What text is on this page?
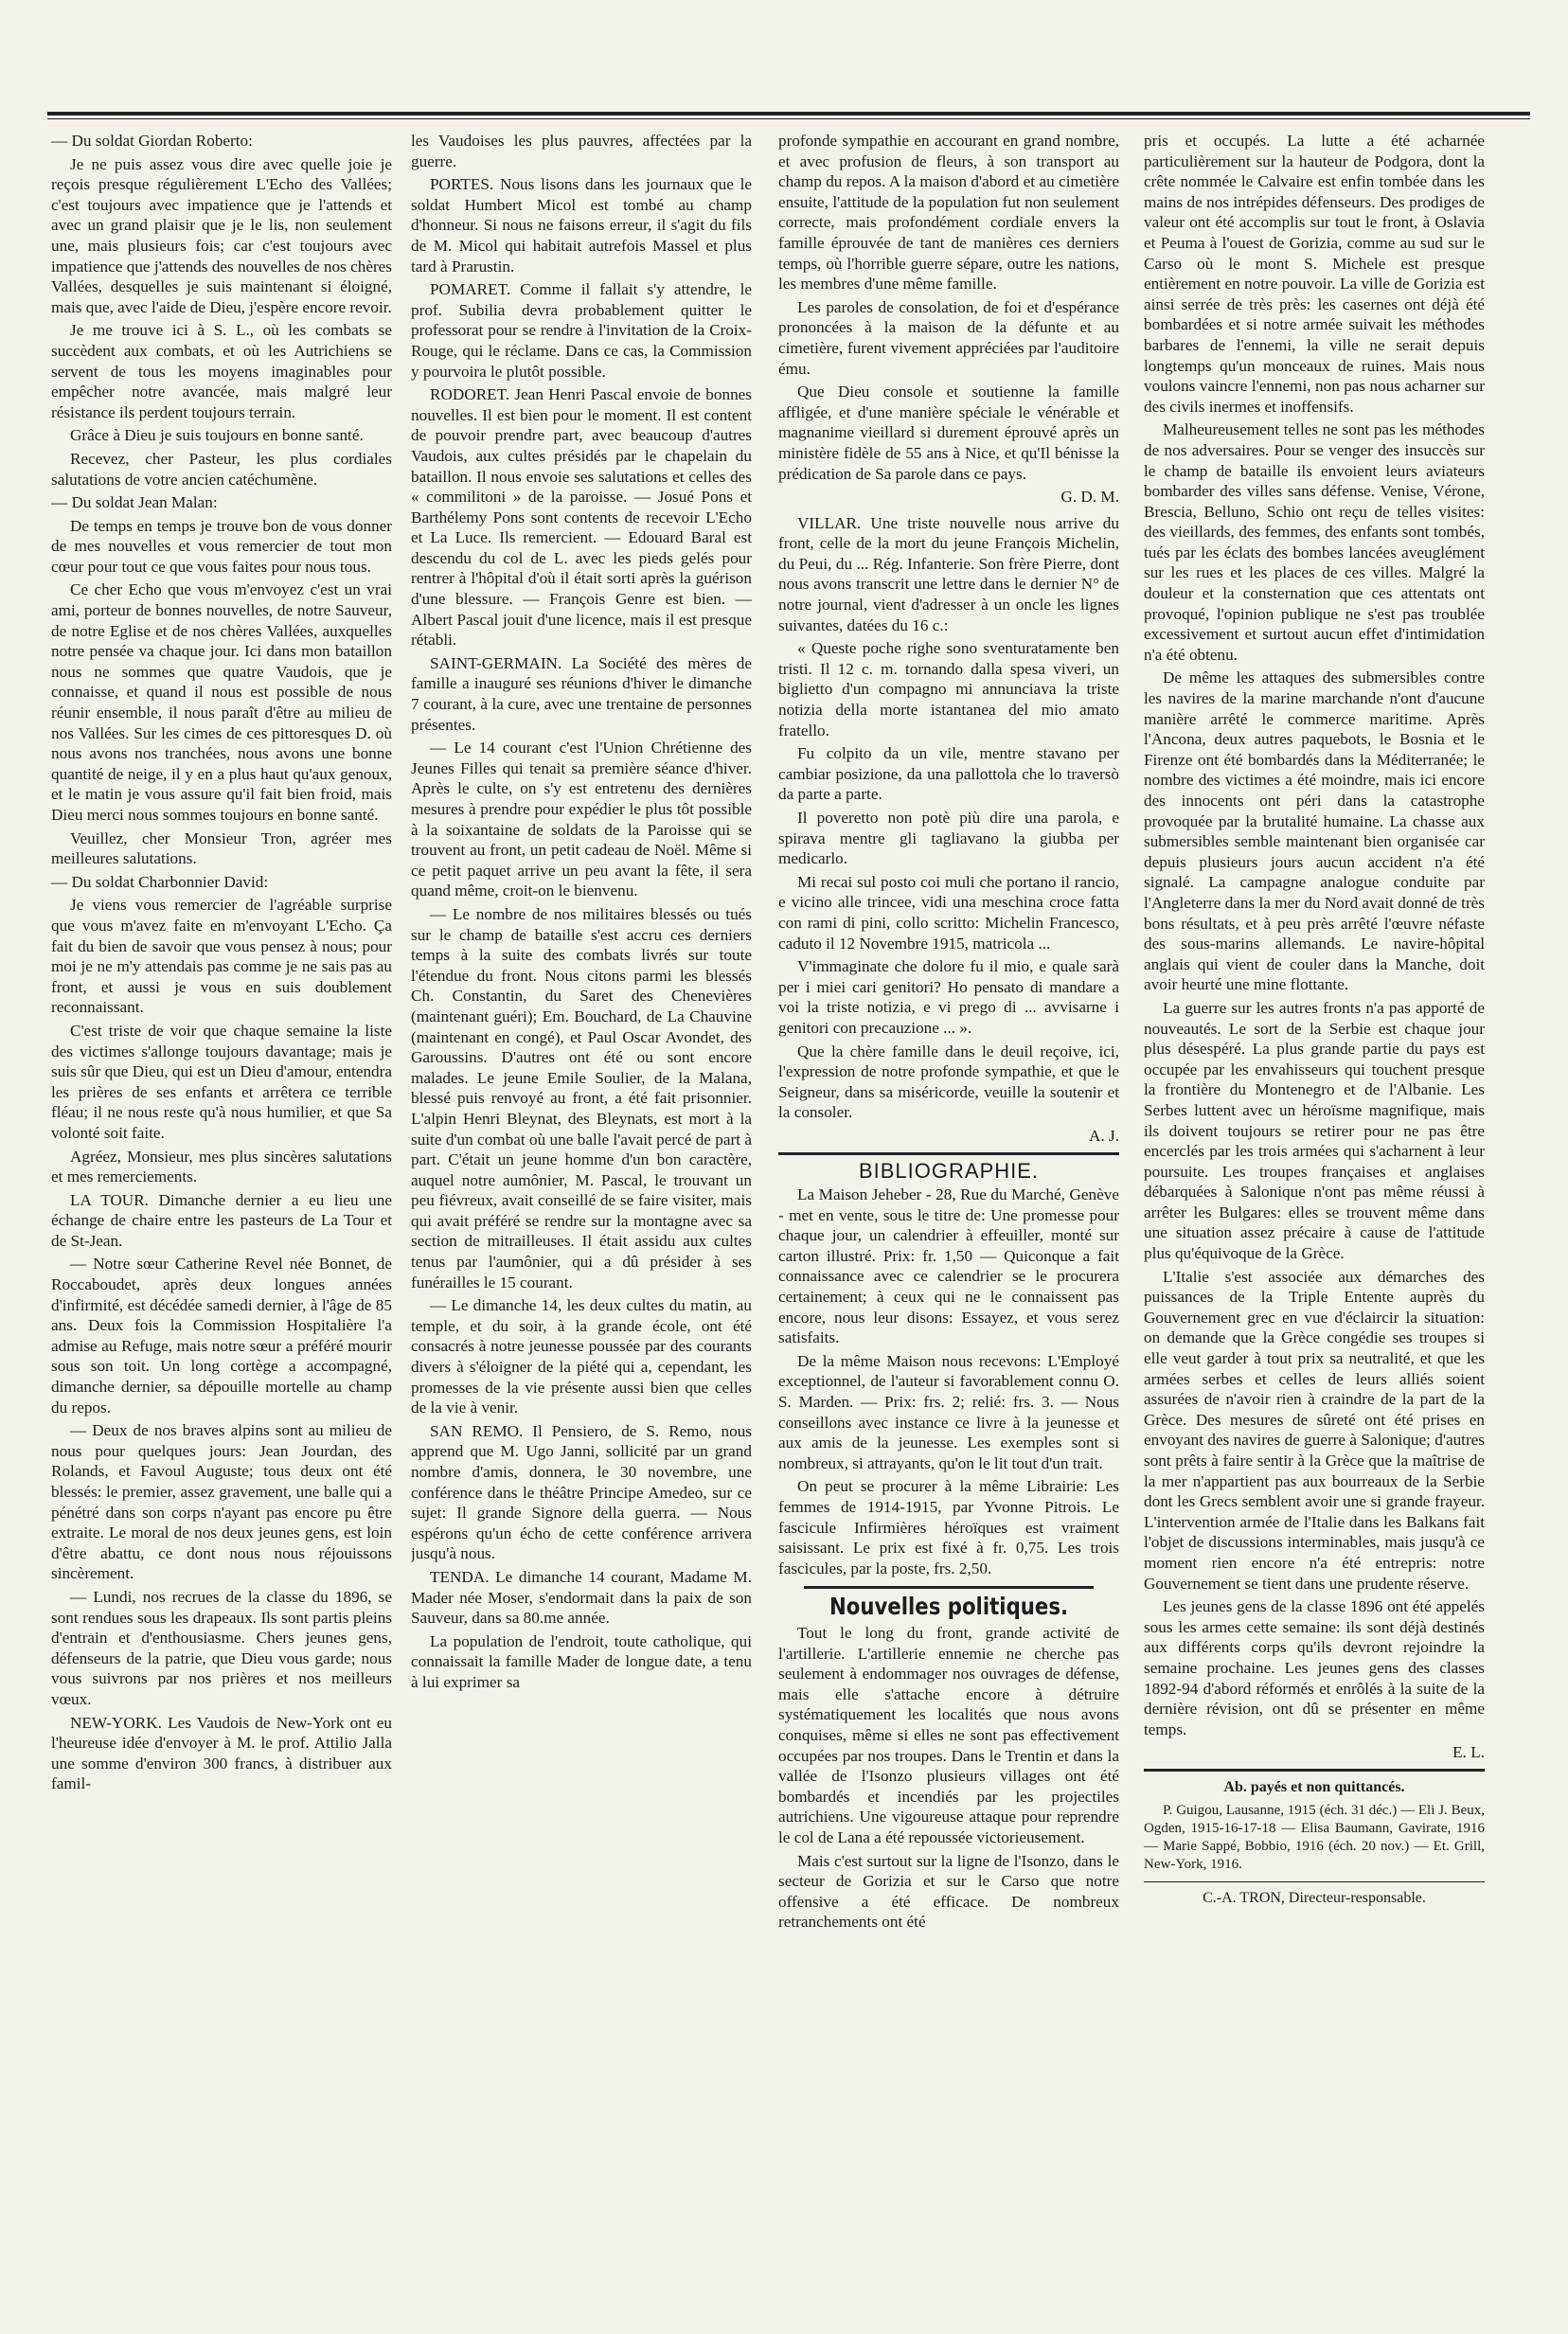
— Du soldat Giordan Roberto:

Je ne puis assez vous dire avec quelle joie je reçois presque régulièrement L'Echo des Vallées; c'est toujours avec impatience que je l'attends et avec un grand plaisir que je le lis, non seulement une, mais plusieurs fois; car c'est toujours avec impatience que j'attends des nouvelles de nos chères Vallées, desquelles je suis maintenant si éloigné, mais que, avec l'aide de Dieu, j'espère encore revoir.

Je me trouve ici à S. L., où les combats se succèdent aux combats, et où les Autrichiens se servent de tous les moyens imaginables pour empêcher notre avancée, mais malgré leur résistance ils perdent toujours terrain.

Grâce à Dieu je suis toujours en bonne santé.

Recevez, cher Pasteur, les plus cordiales salutations de votre ancien catéchumène.

— Du soldat Jean Malan:

De temps en temps je trouve bon de vous donner de mes nouvelles et vous remercier de tout mon cœur pour tout ce que vous faites pour nous tous.

Ce cher Echo que vous m'envoyez c'est un vrai ami, porteur de bonnes nouvelles, de notre Sauveur, de notre Eglise et de nos chères Vallées, auxquelles notre pensée va chaque jour. Ici dans mon bataillon nous ne sommes que quatre Vaudois, que je connaisse, et quand il nous est possible de nous réunir ensemble, il nous paraît d'être au milieu de nos Vallées. Sur les cimes de ces pittoresques D. où nous avons nos tranchées, nous avons une bonne quantité de neige, il y en a plus haut qu'aux genoux, et le matin je vous assure qu'il fait bien froid, mais Dieu merci nous sommes toujours en bonne santé.

Veuillez, cher Monsieur Tron, agréer mes meilleures salutations.

— Du soldat Charbonnier David:

Je viens vous remercier de l'agréable surprise que vous m'avez faite en m'envoyant L'Echo. Ça fait du bien de savoir que vous pensez à nous; pour moi je ne m'y attendais pas comme je ne sais pas au front, et aussi je vous en suis doublement reconnaissant.

C'est triste de voir que chaque semaine la liste des victimes s'allonge toujours davantage; mais je suis sûr que Dieu, qui est un Dieu d'amour, entendra les prières de ses enfants et arrêtera ce terrible fléau; il ne nous reste qu'à nous humilier, et que Sa volonté soit faite.

Agréez, Monsieur, mes plus sincères salutations et mes remerciements.

LA TOUR. Dimanche dernier a eu lieu une échange de chaire entre les pasteurs de La Tour et de St-Jean.

— Notre sœur Catherine Revel née Bonnet, de Roccaboudet, après deux longues années d'infirmité, est décédée samedi dernier, à l'âge de 85 ans. Deux fois la Commission Hospitalière l'a admise au Refuge, mais notre sœur a préféré mourir sous son toit. Un long cortège a accompagné, dimanche dernier, sa dépouille mortelle au champ du repos.

— Deux de nos braves alpins sont au milieu de nous pour quelques jours: Jean Jourdan, des Rolands, et Favoul Auguste; tous deux ont été blessés: le premier, assez gravement, une balle qui a pénétré dans son corps n'ayant pas encore pu être extraite. Le moral de nos deux jeunes gens, est loin d'être abattu, ce dont nous nous réjouissons sincèrement.

— Lundi, nos recrues de la classe du 1896, se sont rendues sous les drapeaux. Ils sont partis pleins d'entrain et d'enthousiasme. Chers jeunes gens, défenseurs de la patrie, que Dieu vous garde; nous vous suivrons par nos prières et nos meilleurs vœux.

NEW-YORK. Les Vaudois de New-York ont eu l'heureuse idée d'envoyer à M. le prof. Attilio Jalla une somme d'environ 300 francs, à distribuer aux famil-

les Vaudoises les plus pauvres, affectées par la guerre.

PORTES. Nous lisons dans les journaux que le soldat Humbert Micol est tombé au champ d'honneur. Si nous ne faisons erreur, il s'agit du fils de M. Micol qui habitait autrefois Massel et plus tard à Prarustin.

POMARET. Comme il fallait s'y attendre, le prof. Subilia devra probablement quitter le professorat pour se rendre à l'invitation de la Croix-Rouge, qui le réclame. Dans ce cas, la Commission y pourvoira le plutôt possible.

RODORET. Jean Henri Pascal envoie de bonnes nouvelles. Il est bien pour le moment. Il est content de pouvoir prendre part, avec beaucoup d'autres Vaudois, aux cultes présidés par le chapelain du bataillon. Il nous envoie ses salutations et celles des « commilitoni » de la paroisse. — Josué Pons et Barthélemy Pons sont contents de recevoir L'Echo et La Luce. Ils remercient. — Edouard Baral est descendu du col de L. avec les pieds gelés pour rentrer à l'hôpital d'où il était sorti après la guérison d'une blessure. — François Genre est bien. — Albert Pascal jouit d'une licence, mais il est presque rétabli.

SAINT-GERMAIN. La Société des mères de famille a inauguré ses réunions d'hiver le dimanche 7 courant, à la cure, avec une trentaine de personnes présentes.

— Le 14 courant c'est l'Union Chrétienne des Jeunes Filles qui tenait sa première séance d'hiver. Après le culte, on s'y est entretenu des dernières mesures à prendre pour expédier le plus tôt possible à la soixantaine de soldats de la Paroisse qui se trouvent au front, un petit cadeau de Noël. Même si ce petit paquet arrive un peu avant la fête, il sera quand même, croit-on le bienvenu.

— Le nombre de nos militaires blessés ou tués sur le champ de bataille s'est accru ces derniers temps à la suite des combats livrés sur toute l'étendue du front. Nous citons parmi les blessés Ch. Constantin, du Saret des Chenevières (maintenant guéri); Em. Bouchard, de La Chauvine (maintenant en congé), et Paul Oscar Avondet, des Garoussins. D'autres ont été ou sont encore malades. Le jeune Emile Soulier, de la Malana, blessé puis renvoyé au front, a été fait prisonnier. L'alpin Henri Bleynat, des Bleynats, est mort à la suite d'un combat où une balle l'avait percé de part à part. C'était un jeune homme d'un bon caractère, auquel notre aumônier, M. Pascal, le trouvant un peu fiévreux, avait conseillé de se faire visiter, mais qui avait préféré se rendre sur la montagne avec sa section de mitrailleuses. Il était assidu aux cultes tenus par l'aumônier, qui a dû présider à ses funérailles le 15 courant.

— Le dimanche 14, les deux cultes du matin, au temple, et du soir, à la grande école, ont été consacrés à notre jeunesse poussée par des courants divers à s'éloigner de la piété qui a, cependant, les promesses de la vie présente aussi bien que celles de la vie à venir.

SAN REMO. Il Pensiero, de S. Remo, nous apprend que M. Ugo Janni, sollicité par un grand nombre d'amis, donnera, le 30 novembre, une conférence dans le théâtre Principe Amedeo, sur ce sujet: Il grande Signore della guerra. — Nous espérons qu'un écho de cette conférence arrivera jusqu'à nous.

TENDA. Le dimanche 14 courant, Madame M. Mader née Moser, s'endormait dans la paix de son Sauveur, dans sa 80.me année.

La population de l'endroit, toute catholique, qui connaissait la famille Mader de longue date, a tenu à lui exprimer sa

profonde sympathie en accourant en grand nombre, et avec profusion de fleurs, à son transport au champ du repos. A la maison d'abord et au cimetière ensuite, l'attitude de la population fut non seulement correcte, mais profondément cordiale envers la famille éprouvée de tant de manières ces derniers temps, où l'horrible guerre sépare, outre les nations, les membres d'une même famille.

Les paroles de consolation, de foi et d'espérance prononcées à la maison de la défunte et au cimetière, furent vivement appréciées par l'auditoire ému.

Que Dieu console et soutienne la famille affligée, et d'une manière spéciale le vénérable et magnanime vieillard si durement éprouvé après un ministère fidèle de 55 ans à Nice, et qu'Il bénisse la prédication de Sa parole dans ce pays.

G. D. M.

VILLAR. Une triste nouvelle nous arrive du front, celle de la mort du jeune François Michelin, du Peui, du ... Rég. Infanterie. Son frère Pierre, dont nous avons transcrit une lettre dans le dernier N° de notre journal, vient d'adresser à un oncle les lignes suivantes, datées du 16 c.:

« Queste poche righe sono sventuratamente ben tristi. Il 12 c. m. tornando dalla spesa viveri, un biglietto d'un compagno mi annunciava la triste notizia della morte istantanea del mio amato fratello.

Fu colpito da un vile, mentre stavano per cambiar posizione, da una pallottola che lo traversò da parte a parte.

Il poveretto non potè più dire una parola, e spirava mentre gli tagliavano la giubba per medicarlo.

Mi recai sul posto coi muli che portano il rancio, e vicino alle trincee, vidi una meschina croce fatta con rami di pini, collo scritto: Michelin Francesco, caduto il 12 Novembre 1915, matricola ...

V'immaginate che dolore fu il mio, e quale sarà per i miei cari genitori? Ho pensato di mandare a voi la triste notizia, e vi prego di ... avvisarne i genitori con precauzione ... ».

Que la chère famille dans le deuil reçoive, ici, l'expression de notre profonde sympathie, et que le Seigneur, dans sa miséricorde, veuille la soutenir et la consoler.

A. J.
BIBLIOGRAPHIE.

La Maison Jeheber - 28, Rue du Marché, Genève - met en vente, sous le titre de: Une promesse pour chaque jour, un calendrier à effeuiller, monté sur carton illustré. Prix: fr. 1,50 — Quiconque a fait connaissance avec ce calendrier se le procurera certainement; à ceux qui ne le connaissent pas encore, nous leur disons: Essayez, et vous serez satisfaits.

De la même Maison nous recevons: L'Employé exceptionnel, de l'auteur si favorablement connu O. S. Marden. — Prix: frs. 2; relié: frs. 3. — Nous conseillons avec instance ce livre à la jeunesse et aux amis de la jeunesse. Les exemples sont si nombreux, si attrayants, qu'on le lit tout d'un trait.

On peut se procurer à la même Librairie: Les femmes de 1914-1915, par Yvonne Pitrois. Le fascicule Infirmières héroïques est vraiment saisissant. Le prix est fixé à fr. 0,75. Les trois fascicules, par la poste, frs. 2,50.

Nouvelles politiques.

Tout le long du front, grande activité de l'artillerie. L'artillerie ennemie ne cherche pas seulement à endommager nos ouvrages de défense, mais elle s'attache encore à détruire systématiquement les localités que nous avons conquises, même si elles ne sont pas effectivement occupées par nos troupes. Dans le Trentin et dans la vallée de l'Isonzo plusieurs villages ont été bombardés et incendiés par les projectiles autrichiens. Une vigoureuse attaque pour reprendre le col de Lana a été repoussée victorieusement.

Mais c'est surtout sur la ligne de l'Isonzo, dans le secteur de Gorizia et sur le Carso que notre offensive a été efficace. De nombreux retranchements ont été

pris et occupés. La lutte a été acharnée particulièrement sur la hauteur de Podgora, dont la crête nommée le Calvaire est enfin tombée dans les mains de nos intrépides défenseurs. Des prodiges de valeur ont été accomplis sur tout le front, à Oslavia et Peuma à l'ouest de Gorizia, comme au sud sur le Carso où le mont S. Michele est presque entièrement en notre pouvoir. La ville de Gorizia est ainsi serrée de très près: les casernes ont déjà été bombardées et si notre armée suivait les méthodes barbares de l'ennemi, la ville ne serait depuis longtemps qu'un monceaux de ruines. Mais nous voulons vaincre l'ennemi, non pas nous acharner sur des civils inermes et inoffensifs.

Malheureusement telles ne sont pas les méthodes de nos adversaires. Pour se venger des insuccès sur le champ de bataille ils envoient leurs aviateurs bombarder des villes sans défense. Venise, Vérone, Brescia, Belluno, Schio ont reçu de telles visites: des vieillards, des femmes, des enfants sont tombés, tués par les éclats des bombes lancées aveuglément sur les rues et les places de ces villes. Malgré la douleur et la consternation que ces attentats ont provoqué, l'opinion publique ne s'est pas troublée excessivement et surtout aucun effet d'intimidation n'a été obtenu.

De même les attaques des submersibles contre les navires de la marine marchande n'ont d'aucune manière arrêté le commerce maritime. Après l'Ancona, deux autres paquebots, le Bosnia et le Firenze ont été bombardés dans la Méditerranée; le nombre des victimes a été moindre, mais ici encore des innocents ont péri dans la catastrophe provoquée par la brutalité humaine. La chasse aux submersibles semble maintenant bien organisée car depuis plusieurs jours aucun accident n'a été signalé. La campagne analogue conduite par l'Angleterre dans la mer du Nord avait donné de très bons résultats, et à peu près arrêté l'œuvre néfaste des sous-marins allemands. Le navire-hôpital anglais qui vient de couler dans la Manche, doit avoir heurté une mine flottante.

La guerre sur les autres fronts n'a pas apporté de nouveautés. Le sort de la Serbie est chaque jour plus désespéré. La plus grande partie du pays est occupée par les envahisseurs qui touchent presque la frontière du Montenegro et de l'Albanie. Les Serbes luttent avec un héroïsme magnifique, mais ils doivent toujours se retirer pour ne pas être encerclés par les trois armées qui s'acharnent à leur poursuite. Les troupes françaises et anglaises débarquées à Salonique n'ont pas même réussi à arrêter les Bulgares: elles se trouvent même dans une situation assez précaire à cause de l'attitude plus qu'équivoque de la Grèce.

L'Italie s'est associée aux démarches des puissances de la Triple Entente auprès du Gouvernement grec en vue d'éclaircir la situation: on demande que la Grèce congédie ses troupes si elle veut garder à tout prix sa neutralité, et que les armées serbes et celles de leurs alliés soient assurées de n'avoir rien à craindre de la part de la Grèce. Des mesures de sûreté ont été prises en envoyant des navires de guerre à Salonique; d'autres sont prêts à faire sentir à la Grèce que la maîtrise de la mer n'appartient pas aux bourreaux de la Serbie dont les Grecs semblent avoir une si grande frayeur. L'intervention armée de l'Italie dans les Balkans fait l'objet de discussions interminables, mais jusqu'à ce moment rien encore n'a été entrepris: notre Gouvernement se tient dans une prudente réserve.

Les jeunes gens de la classe 1896 ont été appelés sous les armes cette semaine: ils sont déjà destinés aux différents corps qu'ils devront rejoindre la semaine prochaine. Les jeunes gens des classes 1892-94 d'abord réformés et enrôlés à la suite de la dernière révision, ont dû se présenter en même temps.

E. L.
Ab. payés et non quittancés.

P. Guigou, Lausanne, 1915 (éch. 31 déc.) — Eli J. Beux, Ogden, 1915-16-17-18 — Elisa Baumann, Gavirate, 1916 — Marie Sappé, Bobbio, 1916 (éch. 20 nov.) — Et. Grill, New-York, 1916.

C.-A. TRON, Directeur-responsable.
